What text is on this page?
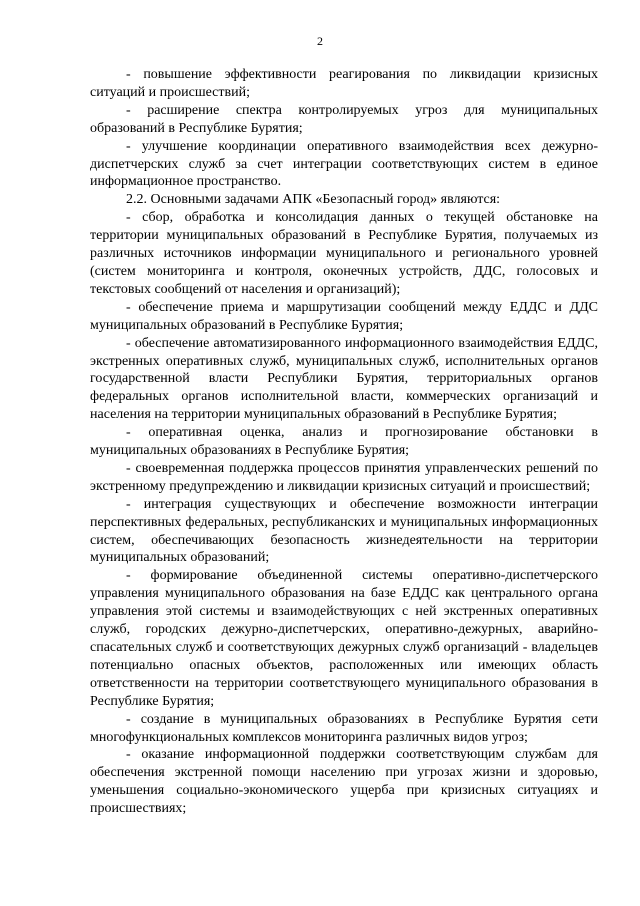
2

- повышение эффективности реагирования по ликвидации кризисных ситуаций и происшествий;

- расширение спектра контролируемых угроз для муниципальных образований в Республике Бурятия;

- улучшение координации оперативного взаимодействия всех дежурно-диспетчерских служб за счет интеграции соответствующих систем в единое информационное пространство.

2.2. Основными задачами АПК «Безопасный город» являются:

- сбор, обработка и консолидация данных о текущей обстановке на территории муниципальных образований в Республике Бурятия, получаемых из различных источников информации муниципального и регионального уровней (систем мониторинга и контроля, оконечных устройств, ДДС, голосовых и текстовых сообщений от населения и организаций);

- обеспечение приема и маршрутизации сообщений между ЕДДС и ДДС муниципальных образований в Республике Бурятия;

- обеспечение автоматизированного информационного взаимодействия ЕДДС, экстренных оперативных служб, муниципальных служб, исполнительных органов государственной власти Республики Бурятия, территориальных органов федеральных органов исполнительной власти, коммерческих организаций и населения на территории муниципальных образований в Республике Бурятия;

- оперативная оценка, анализ и прогнозирование обстановки в муниципальных образованиях в Республике Бурятия;

- своевременная поддержка процессов принятия управленческих решений по экстренному предупреждению и ликвидации кризисных ситуаций и происшествий;

- интеграция существующих и обеспечение возможности интеграции перспективных федеральных, республиканских и муниципальных информационных систем, обеспечивающих безопасность жизнедеятельности на территории муниципальных образований;

- формирование объединенной системы оперативно-диспетчерского управления муниципального образования на базе ЕДДС как центрального органа управления этой системы и взаимодействующих с ней экстренных оперативных служб, городских дежурно-диспетчерских, оперативно-дежурных, аварийно-спасательных служб и соответствующих дежурных служб организаций - владельцев потенциально опасных объектов, расположенных или имеющих область ответственности на территории соответствующего муниципального образования в Республике Бурятия;

- создание в муниципальных образованиях в Республике Бурятия сети многофункциональных комплексов мониторинга различных видов угроз;

- оказание информационной поддержки соответствующим службам для обеспечения экстренной помощи населению при угрозах жизни и здоровью, уменьшения социально-экономического ущерба при кризисных ситуациях и происшествиях;
